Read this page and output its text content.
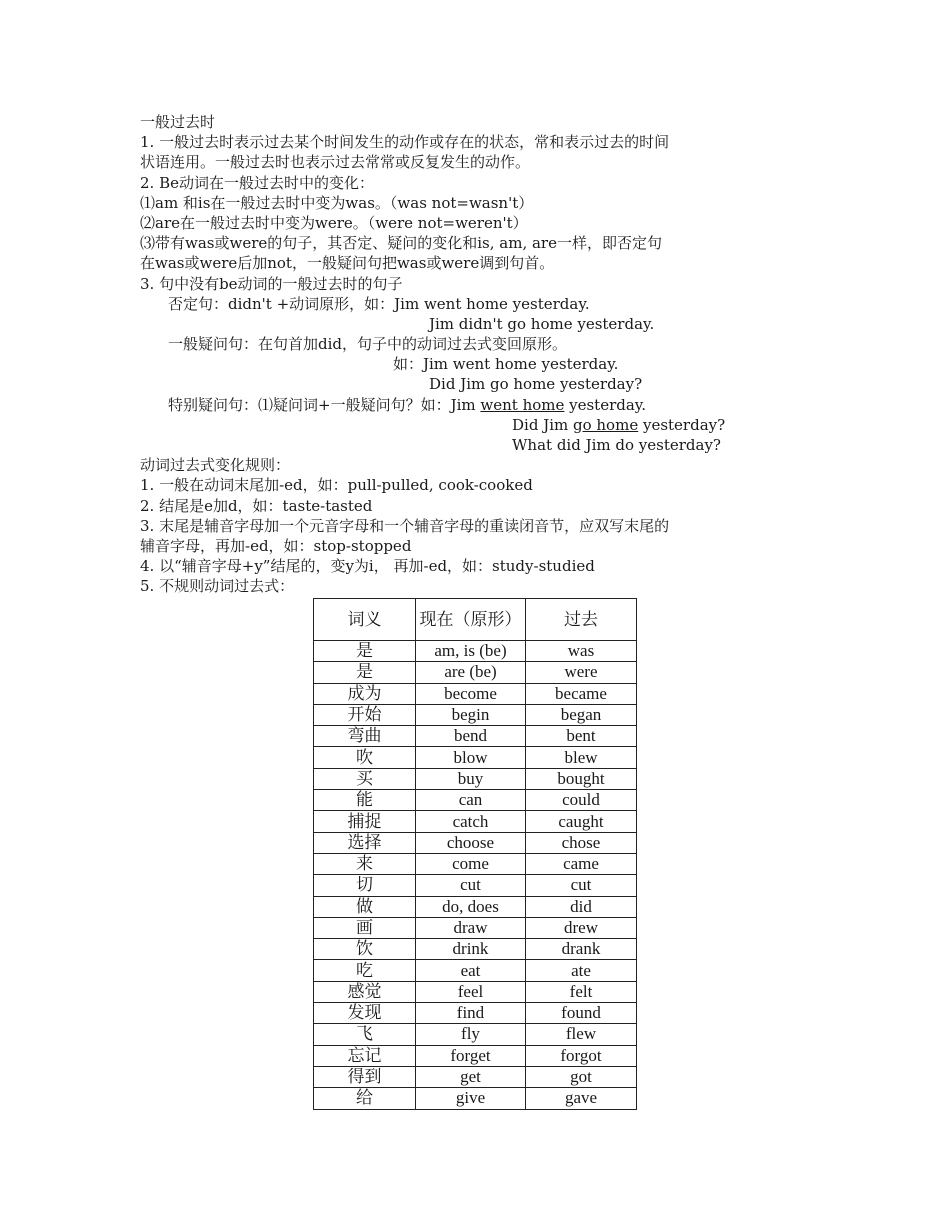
一般过去时
1. 一般过去时表示过去某个时间发生的动作或存在的状态，常和表示过去的时间
状语连用。一般过去时也表示过去常常或反复发生的动作。
2. Be动词在一般过去时中的变化：
⑴am 和is在一般过去时中变为was。（was not=wasn't）
⑵are在一般过去时中变为were。（were not=weren't）
⑶带有was或were的句子，其否定、疑问的变化和is, am, are一样，即否定句
在was或were后加not，一般疑问句把was或were调到句首。
3. 句中没有be动词的一般过去时的句子
否定句：didn't +动词原形，如：Jim went home yesterday.
Jim didn't go home yesterday.
一般疑问句：在句首加did，句子中的动词过去式变回原形。
如：Jim went home yesterday.
Did Jim go home yesterday?
特别疑问句：⑴疑问词+一般疑问句？如：Jim went home yesterday.
Did Jim go home yesterday?
What did Jim do yesterday?
动词过去式变化规则：
1. 一般在动词末尾加-ed，如：pull-pulled, cook-cooked
2. 结尾是e加d，如：taste-tasted
3. 末尾是辅音字母加一个元音字母和一个辅音字母的重读闭音节，应双写末尾的
辅音字母，再加-ed，如：stop-stopped
4. 以“辅音字母+y”结尾的，变y为i， 再加-ed，如：study-studied
5. 不规则动词过去式：
词义	现在（原形）	过去
是	am, is (be)	was
是	are (be)	were
成为	become	became
开始	begin	began
弯曲	bend	bent
吹	blow	blew
买	buy	bought
能	can	could
捕捉	catch	caught
选择	choose	chose
来	come	came
切	cut	cut
做	do, does	did
画	draw	drew
饮	drink	drank
吃	eat	ate
感觉	feel	felt
发现	find	found
飞	fly	flew
忘记	forget	forgot
得到	get	got
给	give	gave
